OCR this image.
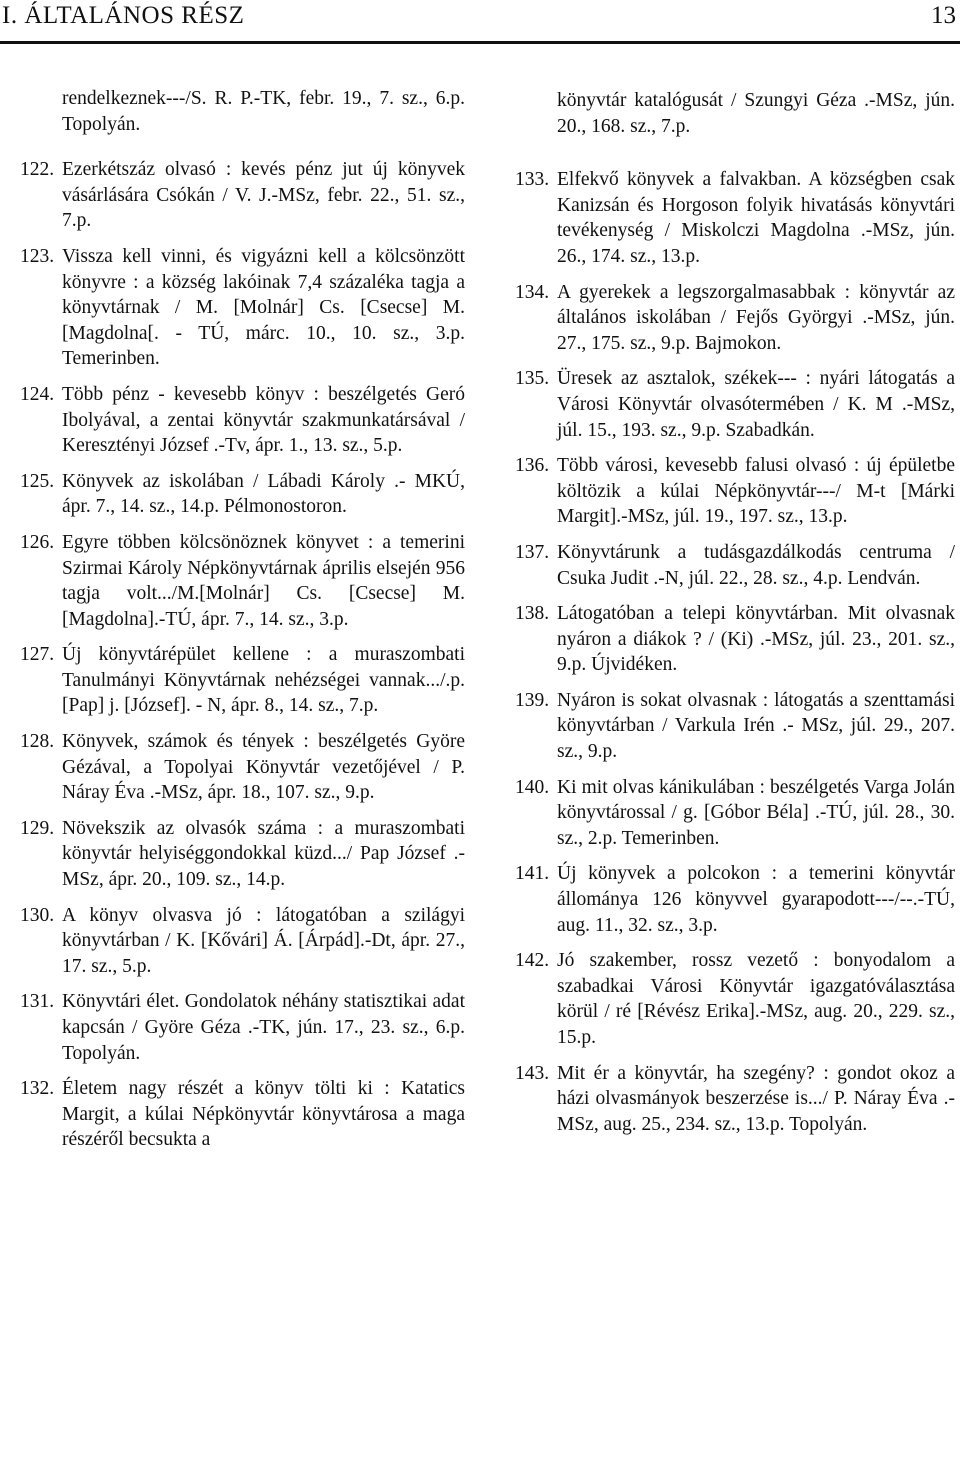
I. ÁLTALÁNOS RÉSZ	13
rendelkeznek---/S. R. P.-TK, febr. 19., 7. sz., 6.p. Topolyán.
122. Ezerkétszáz olvasó : kevés pénz jut új könyvek vásárlására Csókán / V. J.-MSz, febr. 22., 51. sz., 7.p.
123. Vissza kell vinni, és vigyázni kell a kölcsönzött könyvre : a község lakóinak 7,4 százaléka tagja a könyvtárnak / M. [Molnár] Cs. [Csecse] M. [Magdolna[. - TÚ, márc. 10., 10. sz., 3.p. Temerinben.
124. Több pénz - kevesebb könyv : beszélgetés Geró Ibolyával, a zentai könyvtár szakmunkatársával / Keresztényi József .-Tv, ápr. 1., 13. sz., 5.p.
125. Könyvek az iskolában / Lábadi Károly .- MKÚ, ápr. 7., 14. sz., 14.p. Pélmonostoron.
126. Egyre többen kölcsönöznek könyvet : a temerini Szirmai Károly Népkönyvtárnak április elsején 956 tagja volt.../M.[Molnár] Cs. [Csecse] M. [Magdolna].-TÚ, ápr. 7., 14. sz., 3.p.
127. Új könyvtárépület kellene : a muraszombati Tanulmányi Könyvtárnak nehézségei vannak.../.p. [Pap] j. [József]. - N, ápr. 8., 14. sz., 7.p.
128. Könyvek, számok és tények : beszélgetés Györe Gézával, a Topolyai Könyvtár vezetőjével / P. Náray Éva .-MSz, ápr. 18., 107. sz., 9.p.
129. Növekszik az olvasók száma : a muraszombati könyvtár helyiséggondokkal küzd.../ Pap József .-MSz, ápr. 20., 109. sz., 14.p.
130. A könyv olvasva jó : látogatóban a szilágyi könyvtárban / K. [Kővári] Á. [Árpád].-Dt, ápr. 27., 17. sz., 5.p.
131. Könyvtári élet. Gondolatok néhány statisztikai adat kapcsán / Györe Géza .-TK, jún. 17., 23. sz., 6.p. Topolyán.
132. Életem nagy részét a könyv tölti ki : Katatics Margit, a kúlai Népkönyvtár könyvtárosa a maga részéről becsukta a
könyvtár katalógusát / Szungyi Géza .-MSz, jún. 20., 168. sz., 7.p.
133. Elfekvő könyvek a falvakban. A községben csak Kanizsán és Horgoson folyik hivatásás könyvtári tevékenység / Miskolczi Magdolna .-MSz, jún. 26., 174. sz., 13.p.
134. A gyerekek a legszorgalmasabbak : könyvtár az általános iskolában / Fejős Györgyi .-MSz, jún. 27., 175. sz., 9.p. Bajmokon.
135. Üresek az asztalok, székek--- : nyári látogatás a Városi Könyvtár olvasótermében / K. M .-MSz, júl. 15., 193. sz., 9.p. Szabadkán.
136. Több városi, kevesebb falusi olvasó : új épületbe költözik a kúlai Népkönyvtár---/ M-t [Márki Margit].-MSz, júl. 19., 197. sz., 13.p.
137. Könyvtárunk a tudásgazdálkodás centruma / Csuka Judit .-N, júl. 22., 28. sz., 4.p. Lendván.
138. Látogatóban a telepi könyvtárban. Mit olvasnak nyáron a diákok ? / (Ki) .-MSz, júl. 23., 201. sz., 9.p. Újvidéken.
139. Nyáron is sokat olvasnak : látogatás a szenttamási könyvtárban / Varkula Irén .- MSz, júl. 29., 207. sz., 9.p.
140. Ki mit olvas kánikulában : beszélgetés Varga Jolán könyvtárossal / g. [Góbor Béla] .-TÚ, júl. 28., 30. sz., 2.p. Temerinben.
141. Új könyvek a polcokon : a temerini könyvtár állománya 126 könyvvel gyarapodott---/--.-TÚ, aug. 11., 32. sz., 3.p.
142. Jó szakember, rossz vezető : bonyodalom a szabadkai Városi Könyvtár igazgatóválasztása körül / ré [Révész Erika].-MSz, aug. 20., 229. sz., 15.p.
143. Mit ér a könyvtár, ha szegény? : gondot okoz a házi olvasmányok beszerzése is.../ P. Náray Éva .-MSz, aug. 25., 234. sz., 13.p. Topolyán.
